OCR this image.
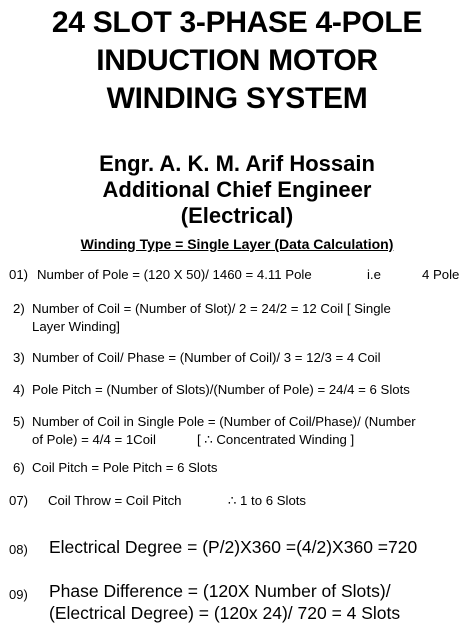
24 SLOT 3-PHASE 4-POLE
INDUCTION MOTOR
WINDING SYSTEM
Engr. A. K. M. Arif Hossain
Additional Chief Engineer
(Electrical)
Winding Type = Single Layer (Data Calculation)
01) Number of Pole = (120 X 50)/ 1460 = 4.11 Pole	i.e	4 Pole
2) Number of Coil = (Number of Slot)/ 2 = 24/2 = 12 Coil [ Single
Layer Winding]
3) Number of Coil/ Phase = (Number of Coil)/ 3 = 12/3 = 4 Coil
4) Pole Pitch = (Number of Slots)/(Number of Pole) = 24/4 = 6 Slots
5) Number of Coil in Single Pole = (Number of Coil/Phase)/ (Number
of Pole) = 4/4 = 1Coil	[ ∴ Concentrated Winding ]
6) Coil Pitch = Pole Pitch = 6 Slots
07) Coil Throw = Coil Pitch	∴ 1 to 6 Slots
08) Electrical Degree = (P/2)X360 =(4/2)X360 =720
09) Phase Difference = (120X Number of Slots)/
(Electrical Degree) = (120x 24)/ 720 = 4 Slots
